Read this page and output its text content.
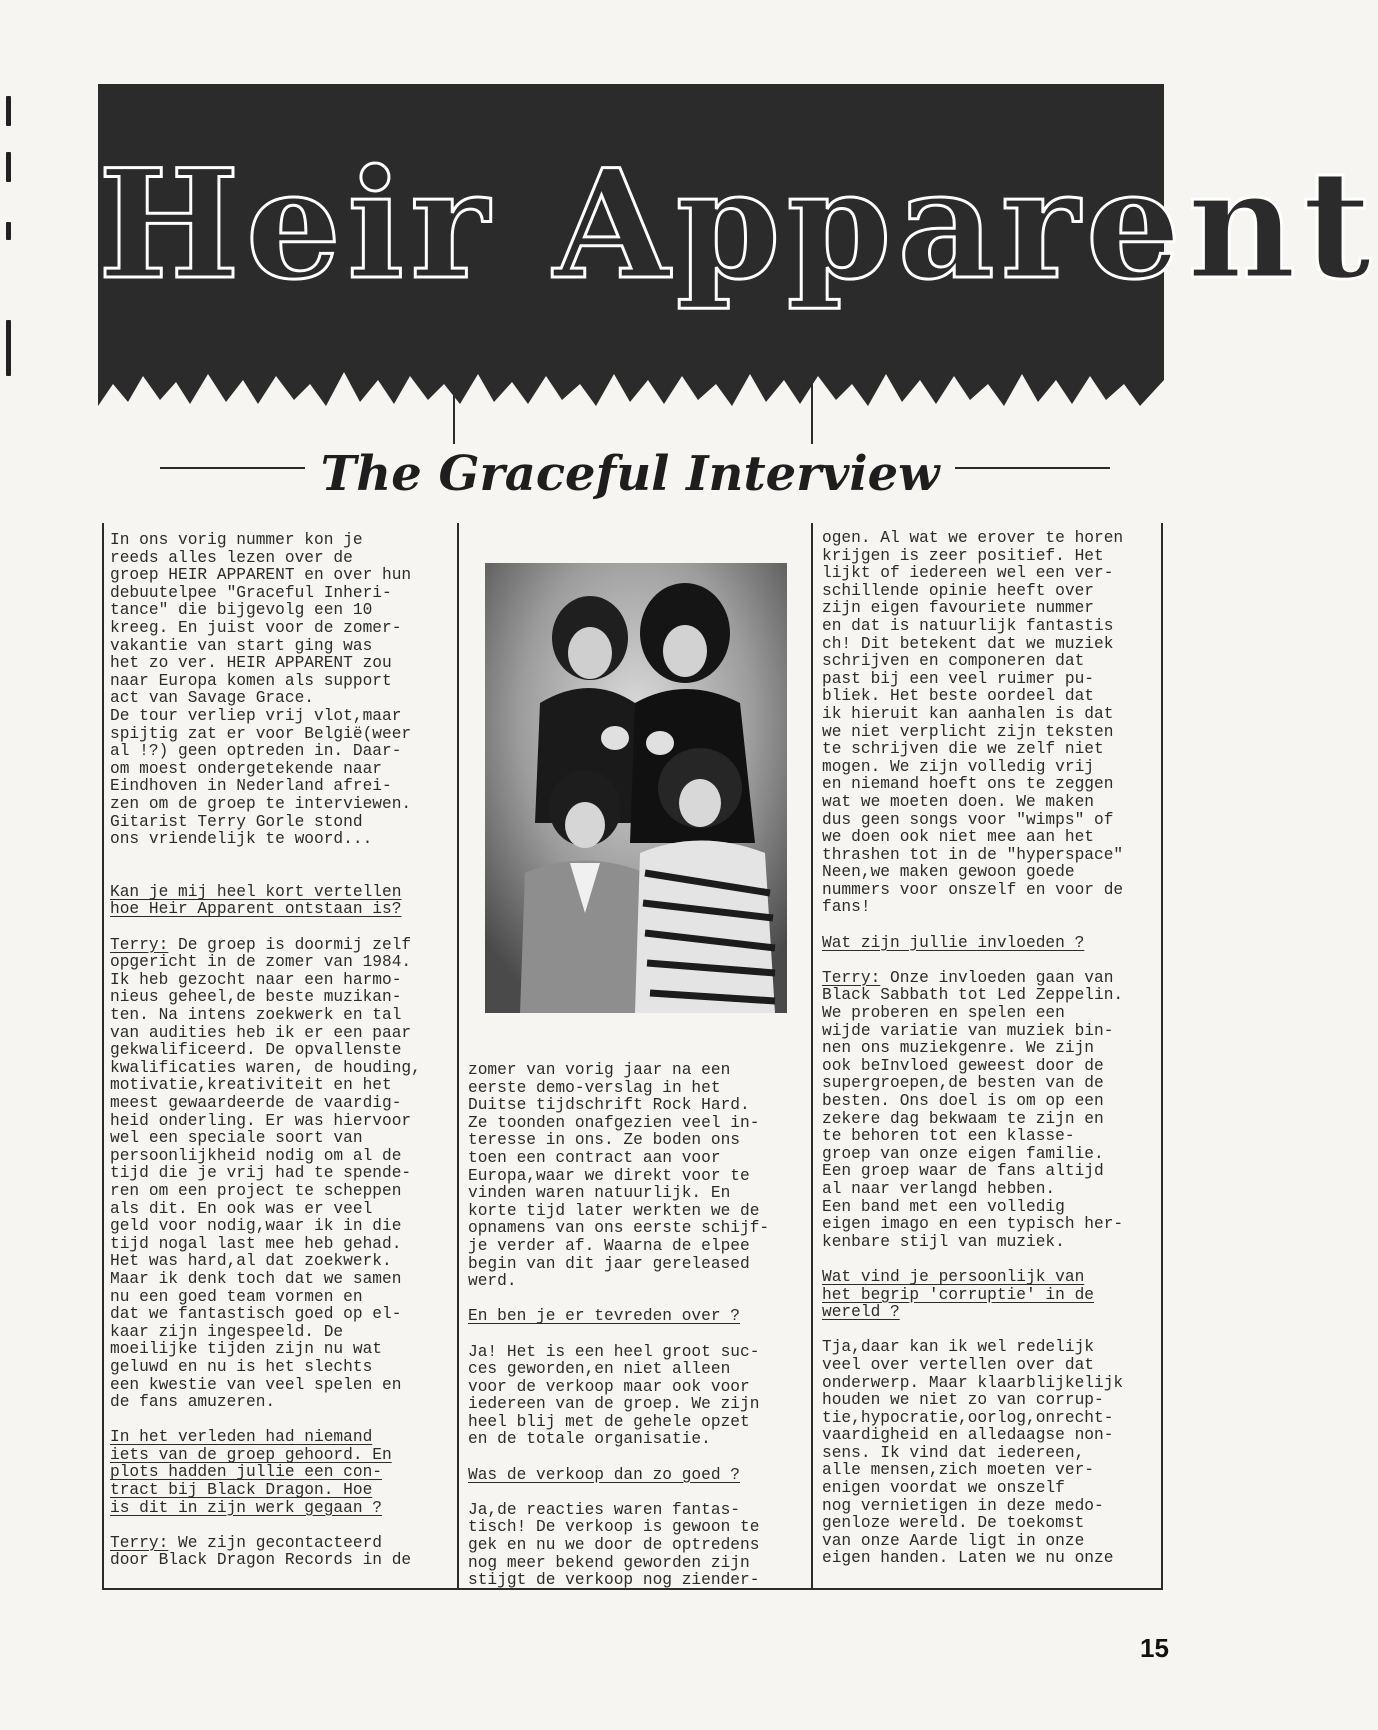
Heir Apparent
The Graceful Interview

In ons vorig nummer kon je

reeds alles lezen over de

groep HEIR APPARENT en over hun

debuutelpee "Graceful Inheri-

tance" die bijgevolg een 10

kreeg. En juist voor de zomer-

vakantie van start ging was

het zo ver. HEIR APPARENT zou

naar Europa komen als support

act van Savage Grace.

De tour verliep vrij vlot,maar

spijtig zat er voor België(weer

al !?) geen optreden in. Daar-

om moest ondergetekende naar

Eindhoven in Nederland afrei-

zen om de groep te interviewen.

Gitarist Terry Gorle stond

ons vriendelijk te woord...

Kan je mij heel kort vertellen

hoe Heir Apparent ontstaan is?

Terry: De groep is doormij zelf

opgericht in de zomer van 1984.

Ik heb gezocht naar een harmo-

nieus geheel,de beste muzikan-

ten. Na intens zoekwerk en tal

van audities heb ik er een paar

gekwalificeerd. De opvallenste

kwalificaties waren, de houding,

motivatie,kreativiteit en het

meest gewaardeerde de vaardig-

heid onderling. Er was hiervoor

wel een speciale soort van

persoonlijkheid nodig om al de

tijd die je vrij had te spende-

ren om een project te scheppen

als dit. En ook was er veel

geld voor nodig,waar ik in die

tijd nogal last mee heb gehad.

Het was hard,al dat zoekwerk.

Maar ik denk toch dat we samen

nu een goed team vormen en

dat we fantastisch goed op el-

kaar zijn ingespeeld. De

moeilijke tijden zijn nu wat

geluwd en nu is het slechts

een kwestie van veel spelen en

de fans amuzeren.

In het verleden had niemand

iets van de groep gehoord. En

plots hadden jullie een con-

tract bij Black Dragon. Hoe

is dit in zijn werk gegaan ?

Terry: We zijn gecontacteerd

door Black Dragon Records in de

zomer van vorig jaar na een

eerste demo-verslag in het

Duitse tijdschrift Rock Hard.

Ze toonden onafgezien veel in-

teresse in ons. Ze boden ons

toen een contract aan voor

Europa,waar we direkt voor te

vinden waren natuurlijk. En

korte tijd later werkten we de

opnamens van ons eerste schijf-

je verder af. Waarna de elpee

begin van dit jaar gereleased

werd.

En ben je er tevreden over ?

Ja! Het is een heel groot suc-

ces geworden,en niet alleen

voor de verkoop maar ook voor

iedereen van de groep. We zijn

heel blij met de gehele opzet

en de totale organisatie.

Was de verkoop dan zo goed ?

Ja,de reacties waren fantas-

tisch! De verkoop is gewoon te

gek en nu we door de optredens

nog meer bekend geworden zijn

stijgt de verkoop nog ziender-

ogen. Al wat we erover te horen

krijgen is zeer positief. Het

lijkt of iedereen wel een ver-

schillende opinie heeft over

zijn eigen favouriete nummer

en dat is natuurlijk fantastis

ch! Dit betekent dat we muziek

schrijven en componeren dat

past bij een veel ruimer pu-

bliek. Het beste oordeel dat

ik hieruit kan aanhalen is dat

we niet verplicht zijn teksten

te schrijven die we zelf niet

mogen. We zijn volledig vrij

en niemand hoeft ons te zeggen

wat we moeten doen. We maken

dus geen songs voor "wimps" of

we doen ook niet mee aan het

thrashen tot in de "hyperspace"

Neen,we maken gewoon goede

nummers voor onszelf en voor de

fans!

Wat zijn jullie invloeden ?

Terry: Onze invloeden gaan van

Black Sabbath tot Led Zeppelin.

We proberen en spelen een

wijde variatie van muziek bin-

nen ons muziekgenre. We zijn

ook beInvloed geweest door de

supergroepen,de besten van de

besten. Ons doel is om op een

zekere dag bekwaam te zijn en

te behoren tot een klasse-

groep van onze eigen familie.

Een groep waar de fans altijd

al naar verlangd hebben.

Een band met een volledig

eigen imago en een typisch her-

kenbare stijl van muziek.

Wat vind je persoonlijk van

het begrip 'corruptie' in de

wereld ?

Tja,daar kan ik wel redelijk

veel over vertellen over dat

onderwerp. Maar klaarblijkelijk

houden we niet zo van corrup-

tie,hypocratie,oorlog,onrecht-

vaardigheid en alledaagse non-

sens. Ik vind dat iedereen,

alle mensen,zich moeten ver-

enigen voordat we onszelf

nog vernietigen in deze medo-

genloze wereld. De toekomst

van onze Aarde ligt in onze

eigen handen. Laten we nu onze

15
